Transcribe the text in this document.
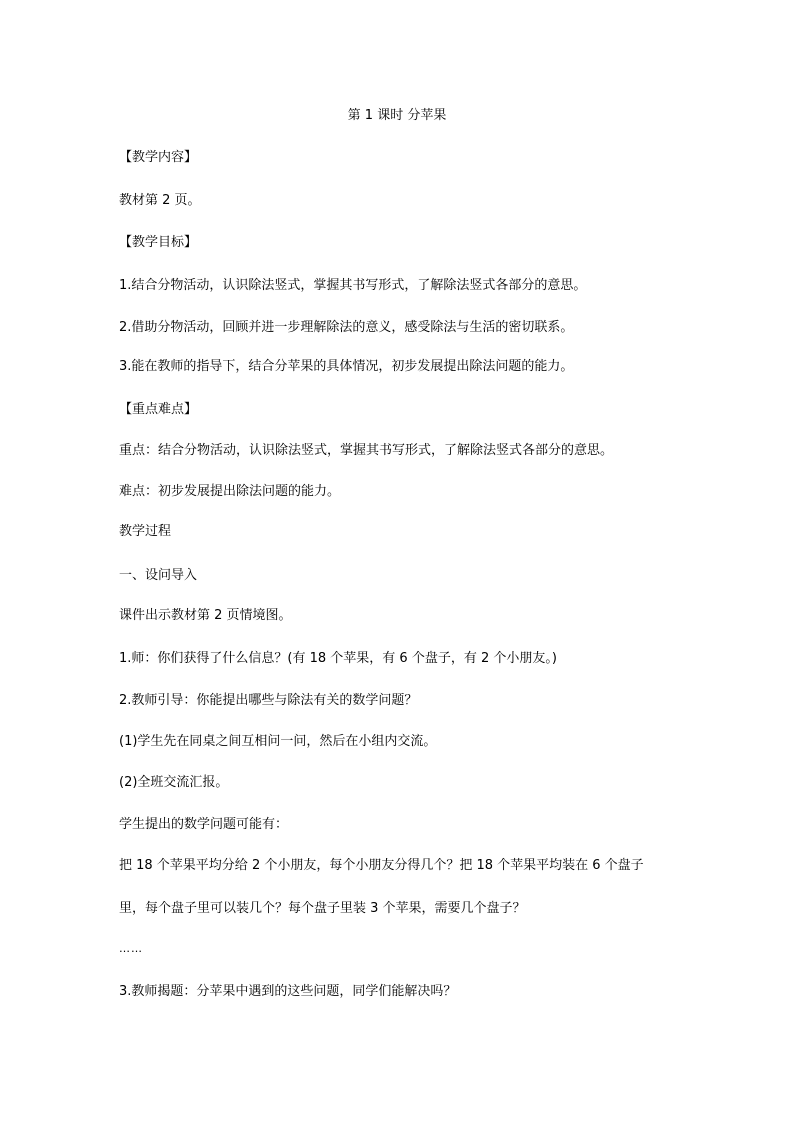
第 1 课时 分苹果
【教学内容】
教材第 2 页。
【教学目标】
1.结合分物活动，认识除法竖式，掌握其书写形式，了解除法竖式各部分的意思。
2.借助分物活动，回顾并进一步理解除法的意义，感受除法与生活的密切联系。
3.能在教师的指导下，结合分苹果的具体情况，初步发展提出除法问题的能力。
【重点难点】
重点：结合分物活动，认识除法竖式，掌握其书写形式，了解除法竖式各部分的意思。
难点：初步发展提出除法问题的能力。
教学过程
一、设问导入
课件出示教材第 2 页情境图。
1.师：你们获得了什么信息？(有 18 个苹果，有 6 个盘子，有 2 个小朋友。)
2.教师引导：你能提出哪些与除法有关的数学问题？
(1)学生先在同桌之间互相问一问，然后在小组内交流。
(2)全班交流汇报。
学生提出的数学问题可能有：
把 18 个苹果平均分给 2 个小朋友，每个小朋友分得几个？把 18 个苹果平均装在 6 个盘子
里，每个盘子里可以装几个？每个盘子里装 3 个苹果，需要几个盘子？
……
3.教师揭题：分苹果中遇到的这些问题，同学们能解决吗？
